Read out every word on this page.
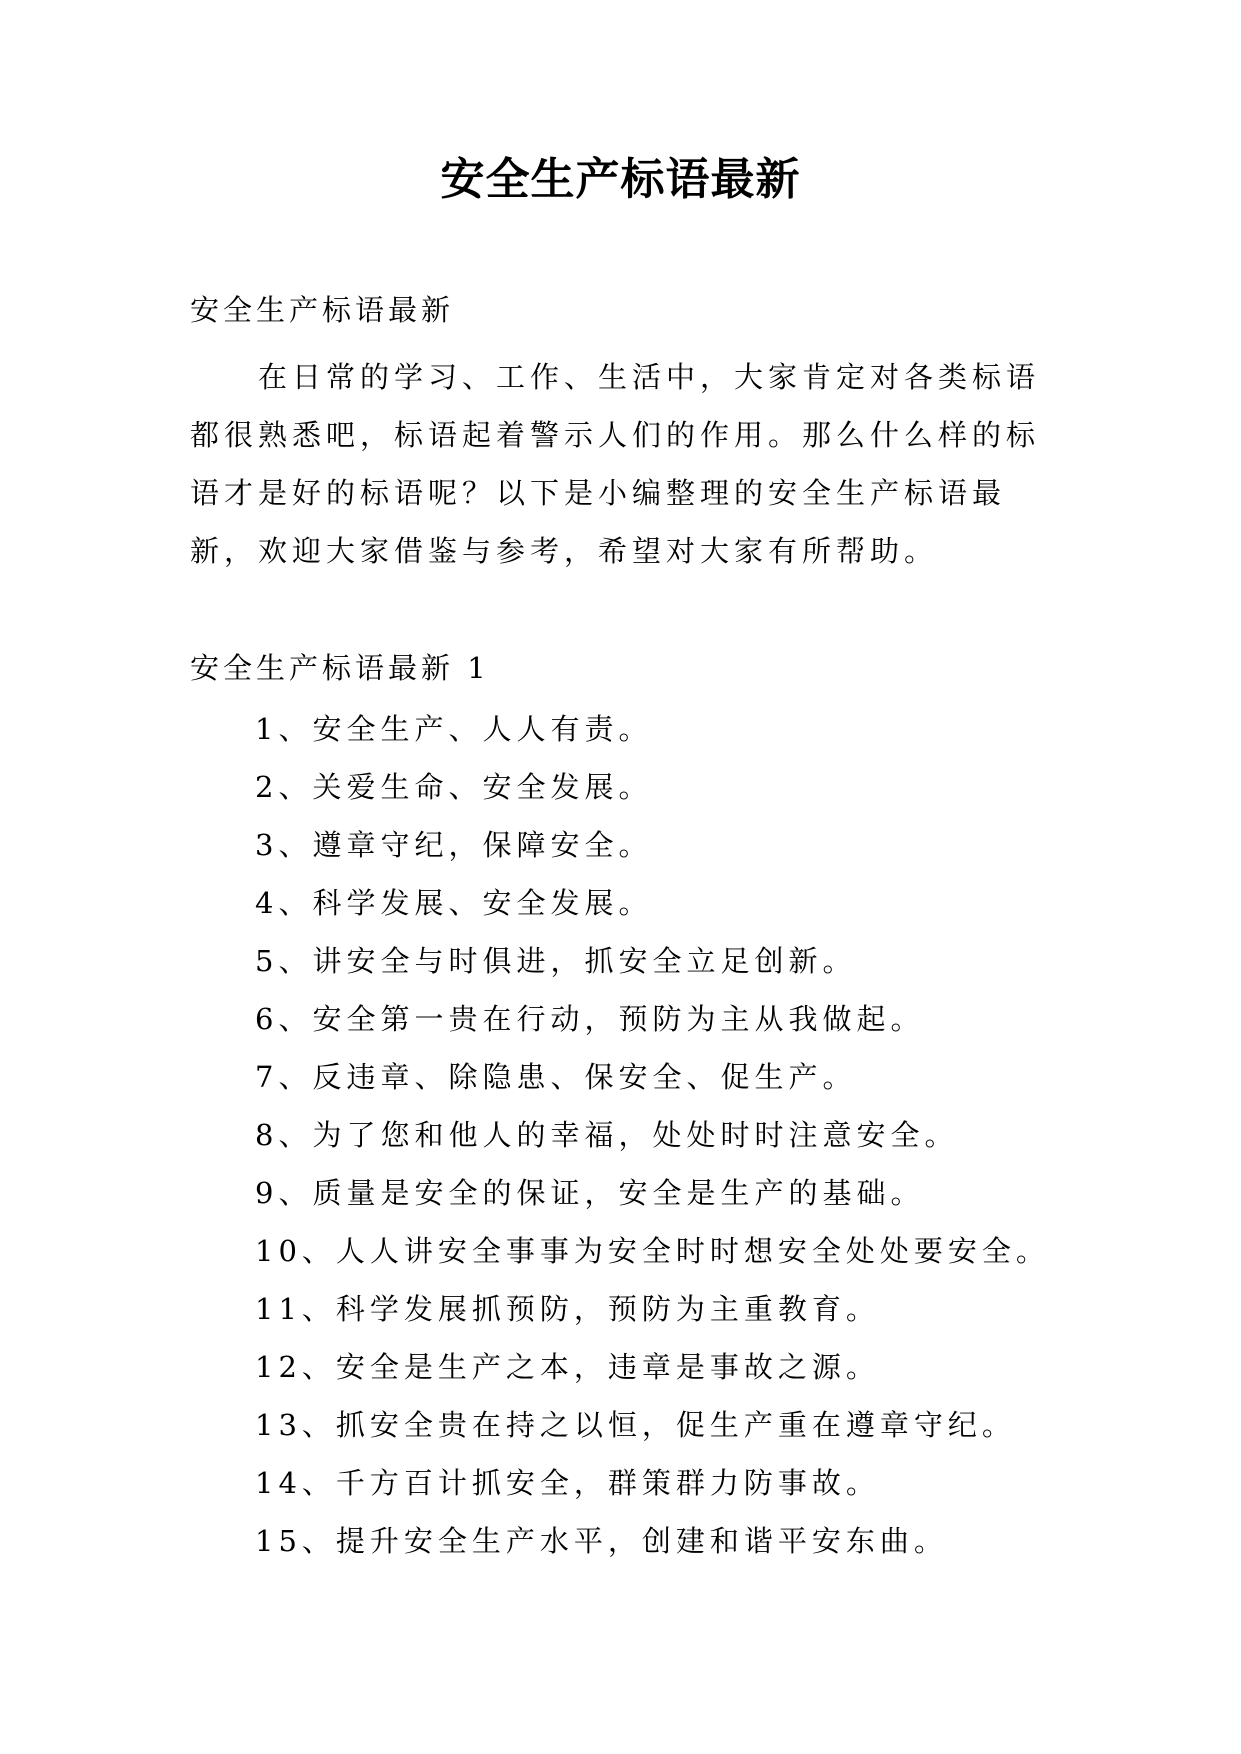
安全生产标语最新
安全生产标语最新

在日常的学习、工作、生活中，大家肯定对各类标语都很熟悉吧，标语起着警示人们的作用。那么什么样的标语才是好的标语呢？以下是小编整理的安全生产标语最新，欢迎大家借鉴与参考，希望对大家有所帮助。

安全生产标语最新 1
1、安全生产、人人有责。
2、关爱生命、安全发展。
3、遵章守纪，保障安全。
4、科学发展、安全发展。
5、讲安全与时俱进，抓安全立足创新。
6、安全第一贵在行动，预防为主从我做起。
7、反违章、除隐患、保安全、促生产。
8、为了您和他人的幸福，处处时时注意安全。
9、质量是安全的保证，安全是生产的基础。
10、人人讲安全事事为安全时时想安全处处要安全。
11、科学发展抓预防，预防为主重教育。
12、安全是生产之本，违章是事故之源。
13、抓安全贵在持之以恒，促生产重在遵章守纪。
14、千方百计抓安全，群策群力防事故。
15、提升安全生产水平，创建和谐平安东曲。
